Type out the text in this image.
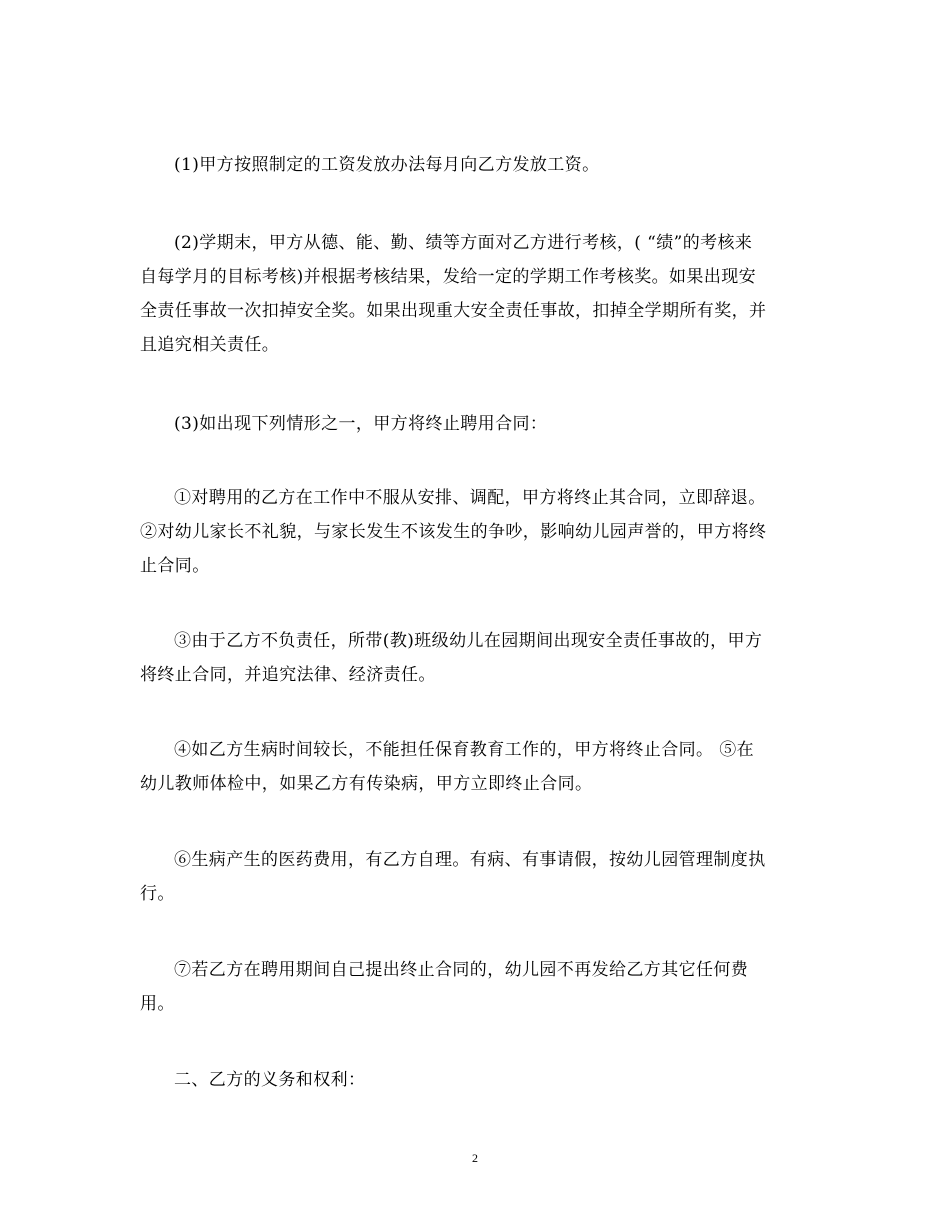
(1)甲方按照制定的工资发放办法每月向乙方发放工资。
(2)学期末，甲方从德、能、勤、绩等方面对乙方进行考核，( “绩”的考核来
自每学月的目标考核)并根据考核结果，发给一定的学期工作考核奖。如果出现安
全责任事故一次扣掉安全奖。如果出现重大安全责任事故，扣掉全学期所有奖，并
且追究相关责任。
(3)如出现下列情形之一，甲方将终止聘用合同：
①对聘用的乙方在工作中不服从安排、调配，甲方将终止其合同，立即辞退。
②对幼儿家长不礼貌，与家长发生不该发生的争吵，影响幼儿园声誉的，甲方将终
止合同。
③由于乙方不负责任，所带(教)班级幼儿在园期间出现安全责任事故的，甲方
将终止合同，并追究法律、经济责任。
④如乙方生病时间较长，不能担任保育教育工作的，甲方将终止合同。 ⑤在
幼儿教师体检中，如果乙方有传染病，甲方立即终止合同。
⑥生病产生的医药费用，有乙方自理。有病、有事请假，按幼儿园管理制度执
行。
⑦若乙方在聘用期间自己提出终止合同的，幼儿园不再发给乙方其它任何费
用。
二、乙方的义务和权利：
2
